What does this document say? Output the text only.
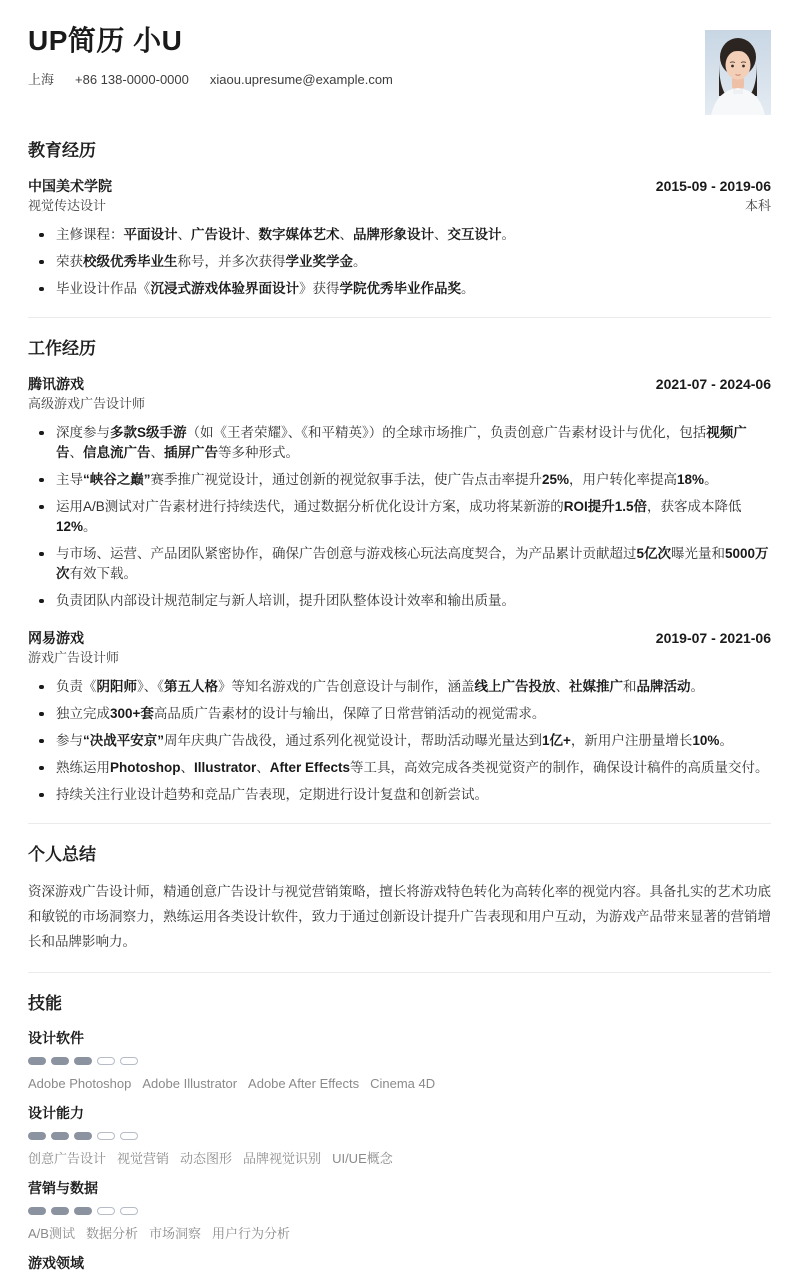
UP简历 小U
上海 +86 138-0000-0000 xiaou.upresume@example.com
教育经历
中国美术学院	2015-09 - 2019-06
视觉传达设计	本科
主修课程：平面设计、广告设计、数字媒体艺术、品牌形象设计、交互设计。
荣获校级优秀毕业生称号，并多次获得学业奖学金。
毕业设计作品《沉浸式游戏体验界面设计》获得学院优秀毕业作品奖。
工作经历
腾讯游戏	2021-07 - 2024-06
高级游戏广告设计师
深度参与多款S级手游（如《王者荣耀》、《和平精英》）的全球市场推广，负责创意广告素材设计与优化，包括视频广告、信息流广告、插屏广告等多种形式。
主导“峡谷之巅”赛季推广视觉设计，通过创新的视觉叙事手法，使广告点击率提升25%，用户转化率提高18%。
运用A/B测试对广告素材进行持续迭代，通过数据分析优化设计方案，成功将某新游的ROI提升1.5倍，获客成本降低12%。
与市场、运营、产品团队紧密协作，确保广告创意与游戏核心玩法高度契合，为产品累计贡献超过5亿次曝光量和5000万次有效下载。
负责团队内部设计规范制定与新人培训，提升团队整体设计效率和输出质量。
网易游戏	2019-07 - 2021-06
游戏广告设计师
负责《阴阳师》、《第五人格》等知名游戏的广告创意设计与制作，涵盖线上广告投放、社媒推广和品牌活动。
独立完成300+套高品质广告素材的设计与输出，保障了日常营销活动的视觉需求。
参与“决战平安京”周年庆典广告战役，通过系列化视觉设计，帮助活动曝光量达到1亿+，新用户注册量增长10%。
熟练运用Photoshop、Illustrator、After Effects等工具，高效完成各类视觉资产的制作，确保设计稿件的高质量交付。
持续关注行业设计趋势和竞品广告表现，定期进行设计复盘和创新尝试。
个人总结

资深游戏广告设计师，精通创意广告设计与视觉营销策略，擅长将游戏特色转化为高转化率的视觉内容。具备扎实的艺术功底和敏锐的市场洞察力，熟练运用各类设计软件，致力于通过创新设计提升广告表现和用户互动，为游戏产品带来显著的营销增长和品牌影响力。

技能
设计软件
Adobe Photoshop Adobe Illustrator Adobe After Effects Cinema 4D
设计能力
创意广告设计 视觉营销 动态图形 品牌视觉识别 UI/UE概念
营销与数据
A/B测试 数据分析 市场洞察 用户行为分析
游戏领域
